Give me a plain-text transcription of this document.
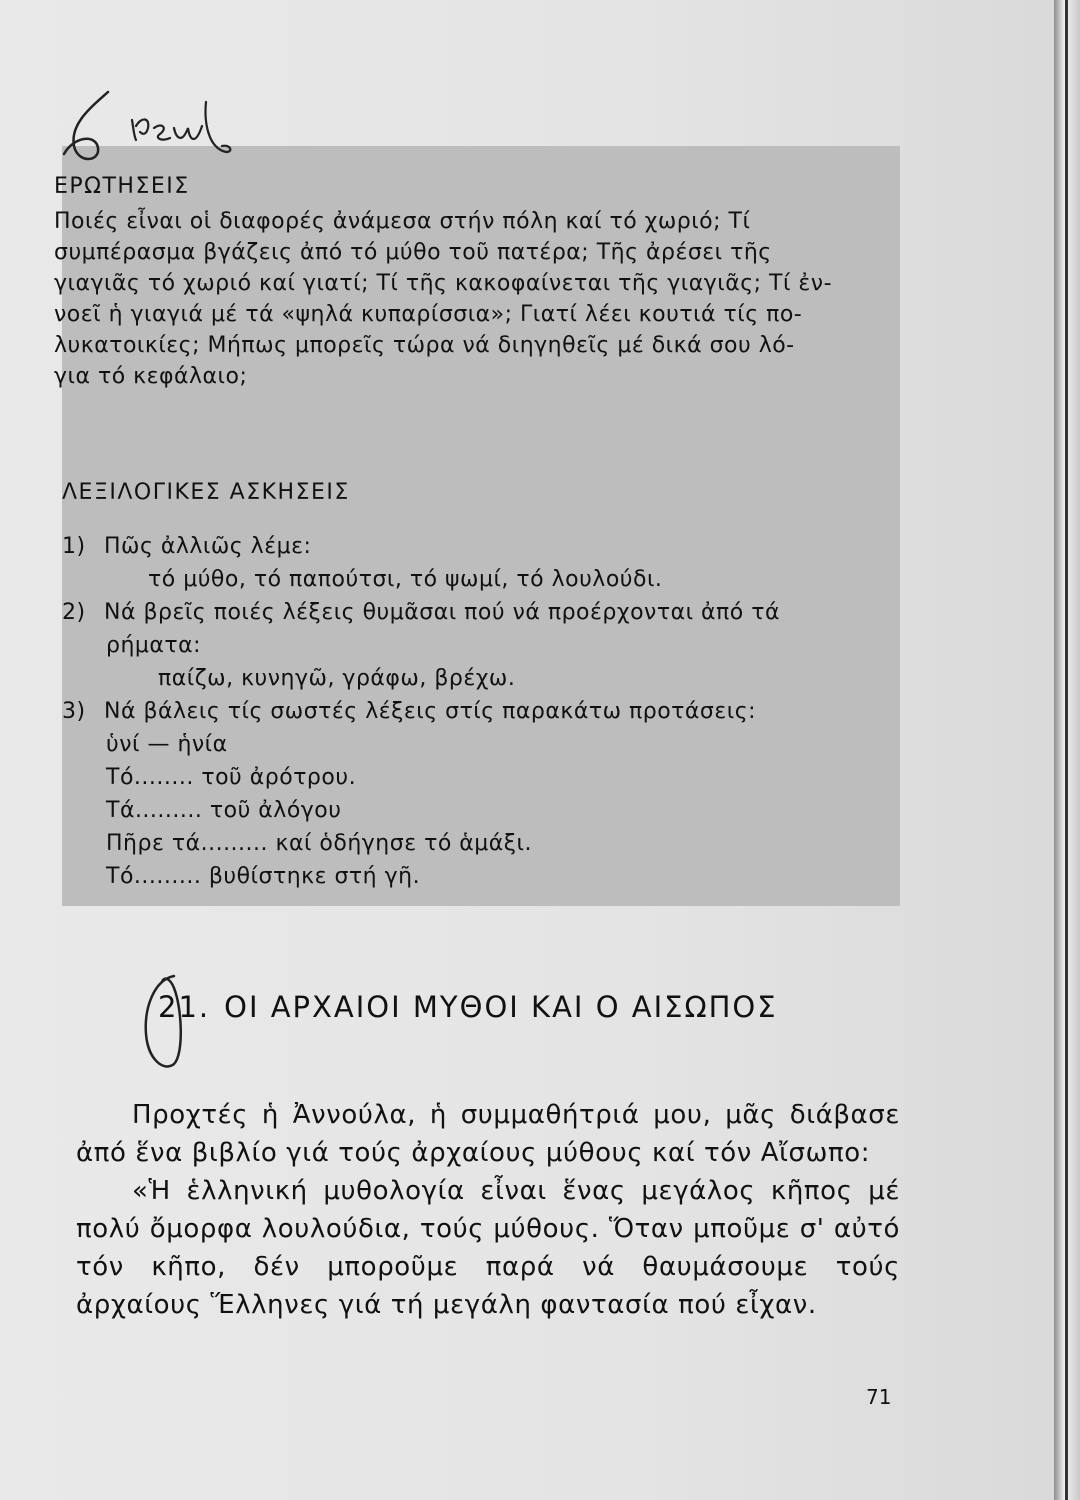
ΕΡΩΤΗΣΕΙΣ
Ποιές εἶναι οἱ διαφορές ἀνάμεσα στήν πόλη καί τό χωριό; Τί
συμπέρασμα βγάζεις ἀπό τό μύθο τοῦ πατέρα; Τῆς ἀρέσει τῆς
γιαγιᾶς τό χωριό καί γιατί; Τί τῆς κακοφαίνεται τῆς γιαγιᾶς; Τί ἐν-
νοεῖ ἡ γιαγιά μέ τά «ψηλά κυπαρίσσια»; Γιατί λέει κουτιά τίς πο-
λυκατοικίες; Μήπως μπορεῖς τώρα νά διηγηθεῖς μέ δικά σου λό-
για τό κεφάλαιο;
ΛΕΞΙΛΟΓΙΚΕΣ ΑΣΚΗΣΕΙΣ
1) Πῶς ἀλλιῶς λέμε:
τό μύθο, τό παπούτσι, τό ψωμί, τό λουλούδι.
2) Νά βρεῖς ποιές λέξεις θυμᾶσαι πού νά προέρχονται ἀπό τά
ρήματα:
παίζω, κυνηγῶ, γράφω, βρέχω.
3) Νά βάλεις τίς σωστές λέξεις στίς παρακάτω προτάσεις:
ὑνί — ἡνία
Τό........ τοῦ ἀρότρου.
Τά......... τοῦ ἀλόγου
Πῆρε τά......... καί ὁδήγησε τό ἁμάξι.
Τό......... βυθίστηκε στή γῆ.
21. ΟΙ ΑΡΧΑΙΟΙ ΜΥΘΟΙ ΚΑΙ Ο ΑΙΣΩΠΟΣ

Προχτές ἡ Ἀννούλα, ἡ συμμαθήτριά μου, μᾶς διάβασε ἀπό ἕνα βιβλίο γιά τούς ἀρχαίους μύθους καί τόν Αἴσωπο:

«Ἡ ἑλληνική μυθολογία εἶναι ἕνας μεγάλος κῆπος μέ πολύ ὄμορφα λουλούδια, τούς μύθους. Ὅταν μποῦμε σ' αὐτό τόν κῆπο, δέν μποροῦμε παρά νά θαυμάσουμε τούς ἀρχαίους Ἕλληνες γιά τή μεγάλη φαντασία πού εἶχαν.

71
